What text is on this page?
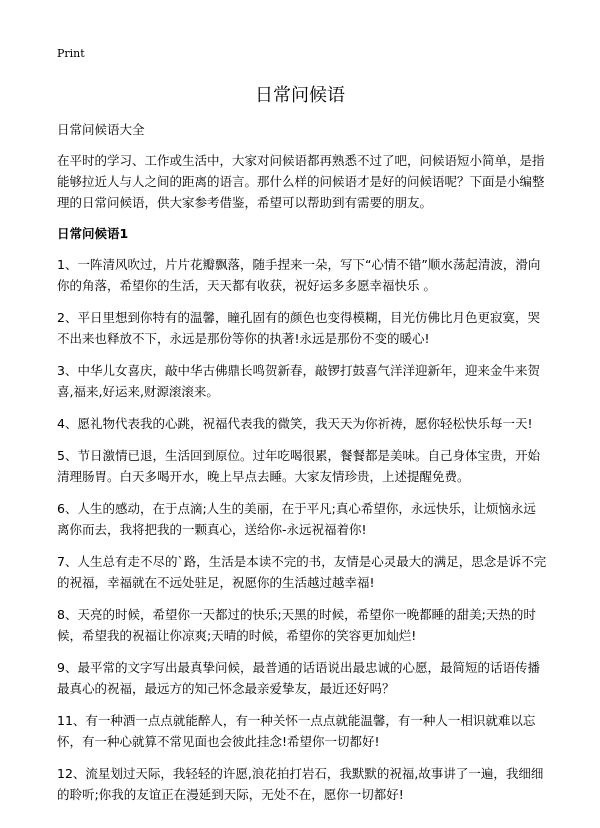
Print
日常问候语

日常问候语大全

在平时的学习、工作或生活中，大家对问候语都再熟悉不过了吧，问候语短小简单，是指能够拉近人与人之间的距离的语言。那什么样的问候语才是好的问候语呢？下面是小编整理的日常问候语，供大家参考借鉴，希望可以帮助到有需要的朋友。

日常问候语1

1、一阵清风吹过，片片花瓣飘落，随手捏来一朵，写下“心情不错”顺水荡起清波，滑向你的角落，希望你的生活，天天都有收获，祝好运多多愿幸福快乐 。

2、平日里想到你特有的温馨，瞳孔固有的颜色也变得模糊，目光仿佛比月色更寂寞，哭不出来也释放不下，永远是那份等你的执著!永远是那份不变的暖心!

3、中华儿女喜庆，敲中华古佛鼎长鸣贺新春，敲锣打鼓喜气洋洋迎新年，迎来金牛来贺喜,福来,好运来,财源滚滚来。

4、愿礼物代表我的心跳，祝福代表我的微笑，我天天为你祈祷，愿你轻松快乐每一天!

5、节日激情已退，生活回到原位。过年吃喝很累，餐餐都是美味。自己身体宝贵，开始清理肠胃。白天多喝开水，晚上早点去睡。大家友情珍贵，上述提醒免费。

6、人生的感动，在于点滴;人生的美丽，在于平凡;真心希望你，永远快乐，让烦恼永远离你而去，我将把我的一颗真心，送给你-永远祝福着你!

7、人生总有走不尽的`路，生活是本读不完的书，友情是心灵最大的满足，思念是诉不完的祝福，幸福就在不远处驻足，祝愿你的生活越过越幸福!

8、天亮的时候，希望你一天都过的快乐;天黑的时候，希望你一晚都睡的甜美;天热的时候，希望我的祝福让你凉爽;天晴的时候，希望你的笑容更加灿烂!

9、最平常的文字写出最真挚问候，最普通的话语说出最忠诚的心愿，最简短的话语传播最真心的祝福，最远方的知己怀念最亲爱挚友，最近还好吗？

11、有一种酒一点点就能醉人，有一种关怀一点点就能温馨，有一种人一相识就难以忘怀，有一种心就算不常见面也会彼此挂念!希望你一切都好!

12、流星划过天际，我轻轻的许愿,浪花拍打岩石，我默默的祝福,故事讲了一遍，我细细的聆听;你我的友谊正在漫延到天际，无处不在，愿你一切都好!
